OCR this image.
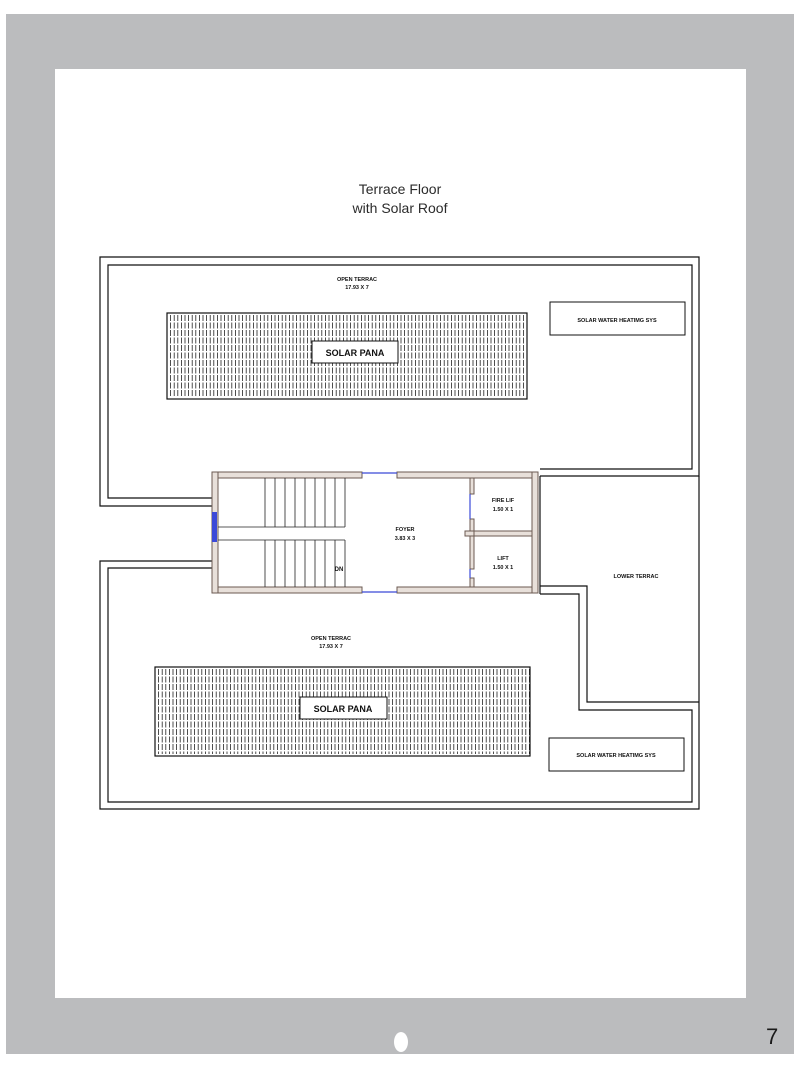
Terrace Floor
with Solar Roof
SOLAR PANA
SOLAR PANA
SOLAR WATER HEATIMG SYS
SOLAR WATER HEATIMG SYS
OPEN TERRAC
17.93 X 7
OPEN TERRAC
17.93 X 7
LOWER TERRAC
DN
FOYER
3.83 X 3
FIRE LIF
1.50 X 1
LIFT
1.50 X 1
7
